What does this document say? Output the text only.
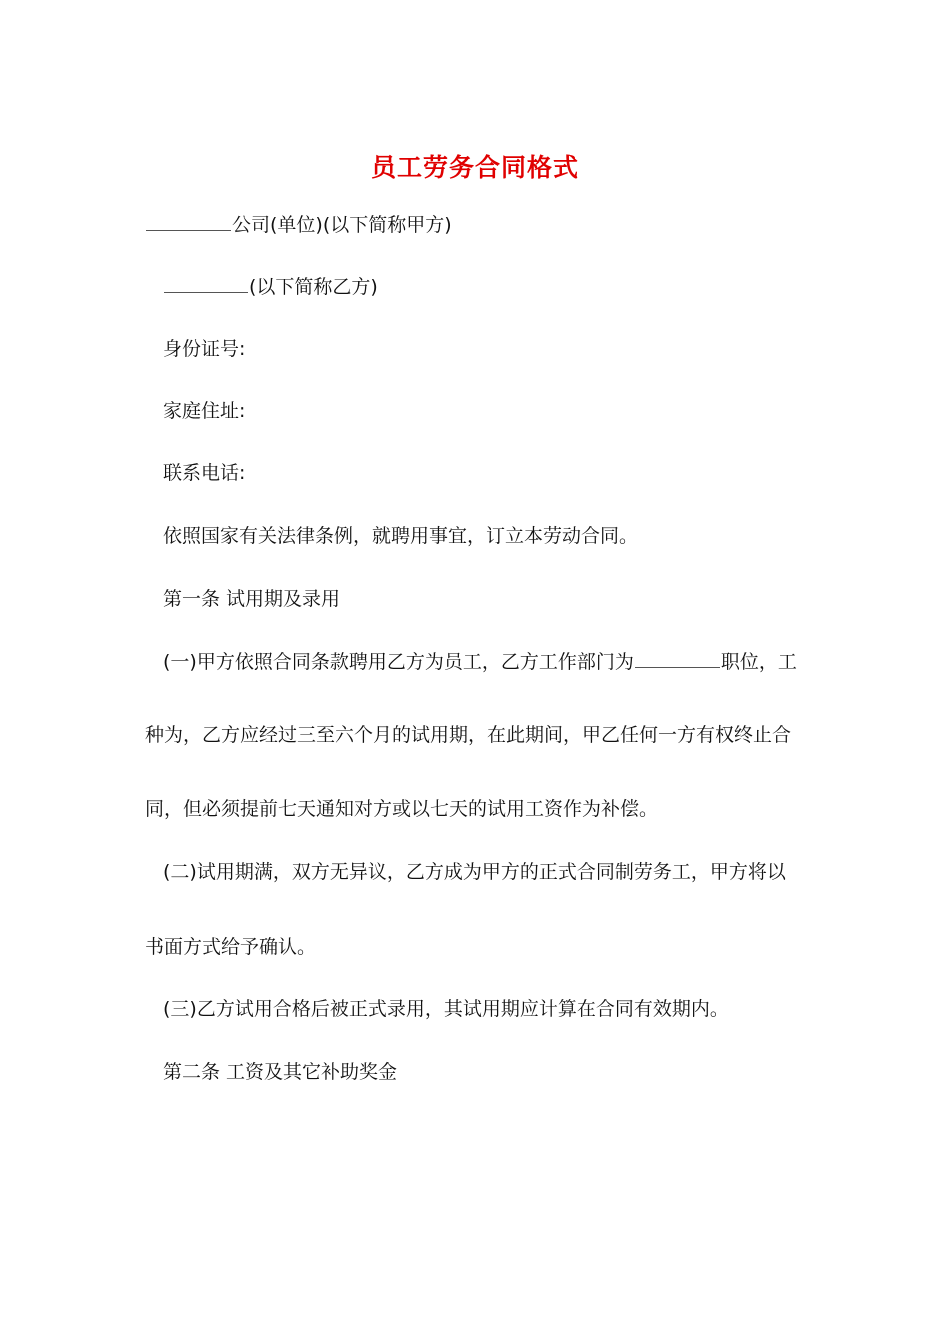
员工劳务合同格式
公司(单位)(以下简称甲方)
(以下简称乙方)
身份证号:
家庭住址:
联系电话:
依照国家有关法律条例，就聘用事宜，订立本劳动合同。
第一条 试用期及录用
(一)甲方依照合同条款聘用乙方为员工，乙方工作部门为	职位，工
种为，乙方应经过三至六个月的试用期，在此期间，甲乙任何一方有权终止合
同，但必须提前七天通知对方或以七天的试用工资作为补偿。
(二)试用期满，双方无异议，乙方成为甲方的正式合同制劳务工，甲方将以
书面方式给予确认。
(三)乙方试用合格后被正式录用，其试用期应计算在合同有效期内。
第二条 工资及其它补助奖金
